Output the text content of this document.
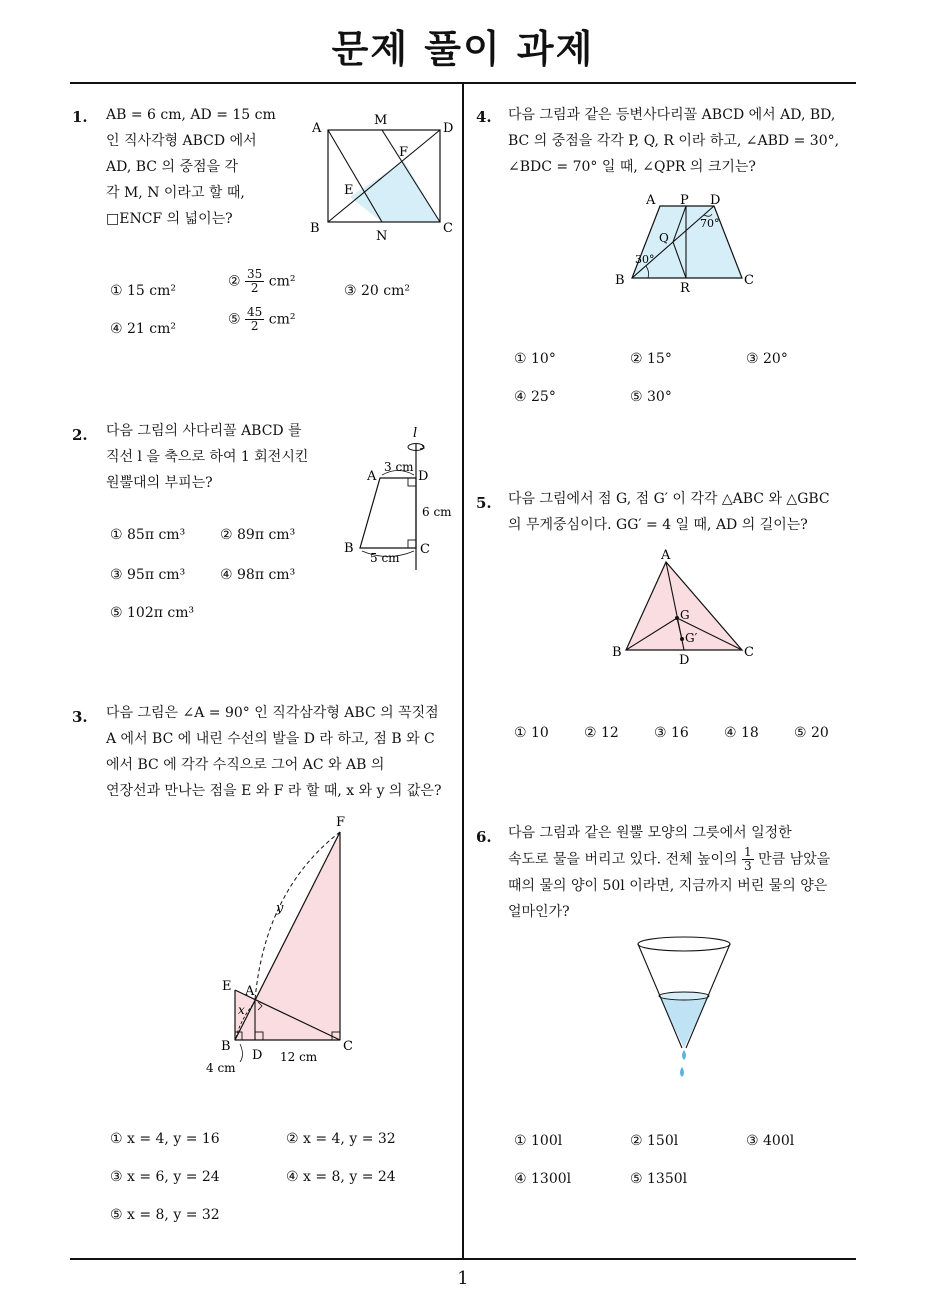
문제 풀이 과제
1
1. AB = 6 cm, AD = 15 cm
인 직사각형 ABCD 에서
AD, BC 의 중점을 각
각 M, N 이라고 할 때,
□ENCF 의 넓이는?
A
M
D
F
E
B
N
C
① 15 cm²
② $\frac{35}{2} cm^2$
③ 20 cm²
④ 21 cm²
⑤ $\frac{45}{2} cm^2$
2. 다음 그림의 사다리꼴 ABCD 를
직선 l 을 축으로 하여 1 회전시킨
원뿔대의 부피는?
① 85π cm³ ② 89π cm³
③ 95π cm³ ④ 98π cm³
⑤ 102π cm³
l
A	D
B	C
3 cm
6 cm
5 cm
3. 다음 그림은 ∠A = 90° 인 직각삼각형 ABC 의 꼭짓점
A 에서 BC 에 내린 수선의 발을 D 라 하고, 점 B 와 C
에서 BC 에 각각 수직으로 그어 AC 와 AB 의
연장선과 만나는 점을 E 와 F 라 할 때, x 와 y 의 값은?
F
y
E A
x
B
D
C
4 cm
12 cm
① x = 4, y = 16	② x = 4, y = 32
③ x = 6, y = 24	④ x = 8, y = 24
⑤ x = 8, y = 32
4. 다음 그림과 같은 등변사다리꼴 ABCD 에서 AD, BD,
BC 의 중점을 각각 P, Q, R 이라 하고, ∠ABD = 30°,
∠BDC = 70° 일 때, ∠QPR 의 크기는?
A P D
Q
B
R
C
30°
70°
① 10°	② 15°	③ 20°
④ 25°	⑤ 30°
5. 다음 그림에서 점 G, 점 G′ 이 각각 △ABC 와 △GBC
의 무게중심이다. GG′ = 4 일 때, AD 의 길이는?
A
G
G′
B
D
C
① 10	② 12	③ 16	④ 18	⑤ 20
6. 다음 그림과 같은 원뿔 모양의 그릇에서 일정한
속도로 물을 버리고 있다. 전체 높이의 $\frac{1}{3}$ 만큼 남았을
때의 물의 양이 50l 이라면, 지금까지 버린 물의 양은
얼마인가?
① 100l	② 150l	③ 400l
④ 1300l	⑤ 1350l
